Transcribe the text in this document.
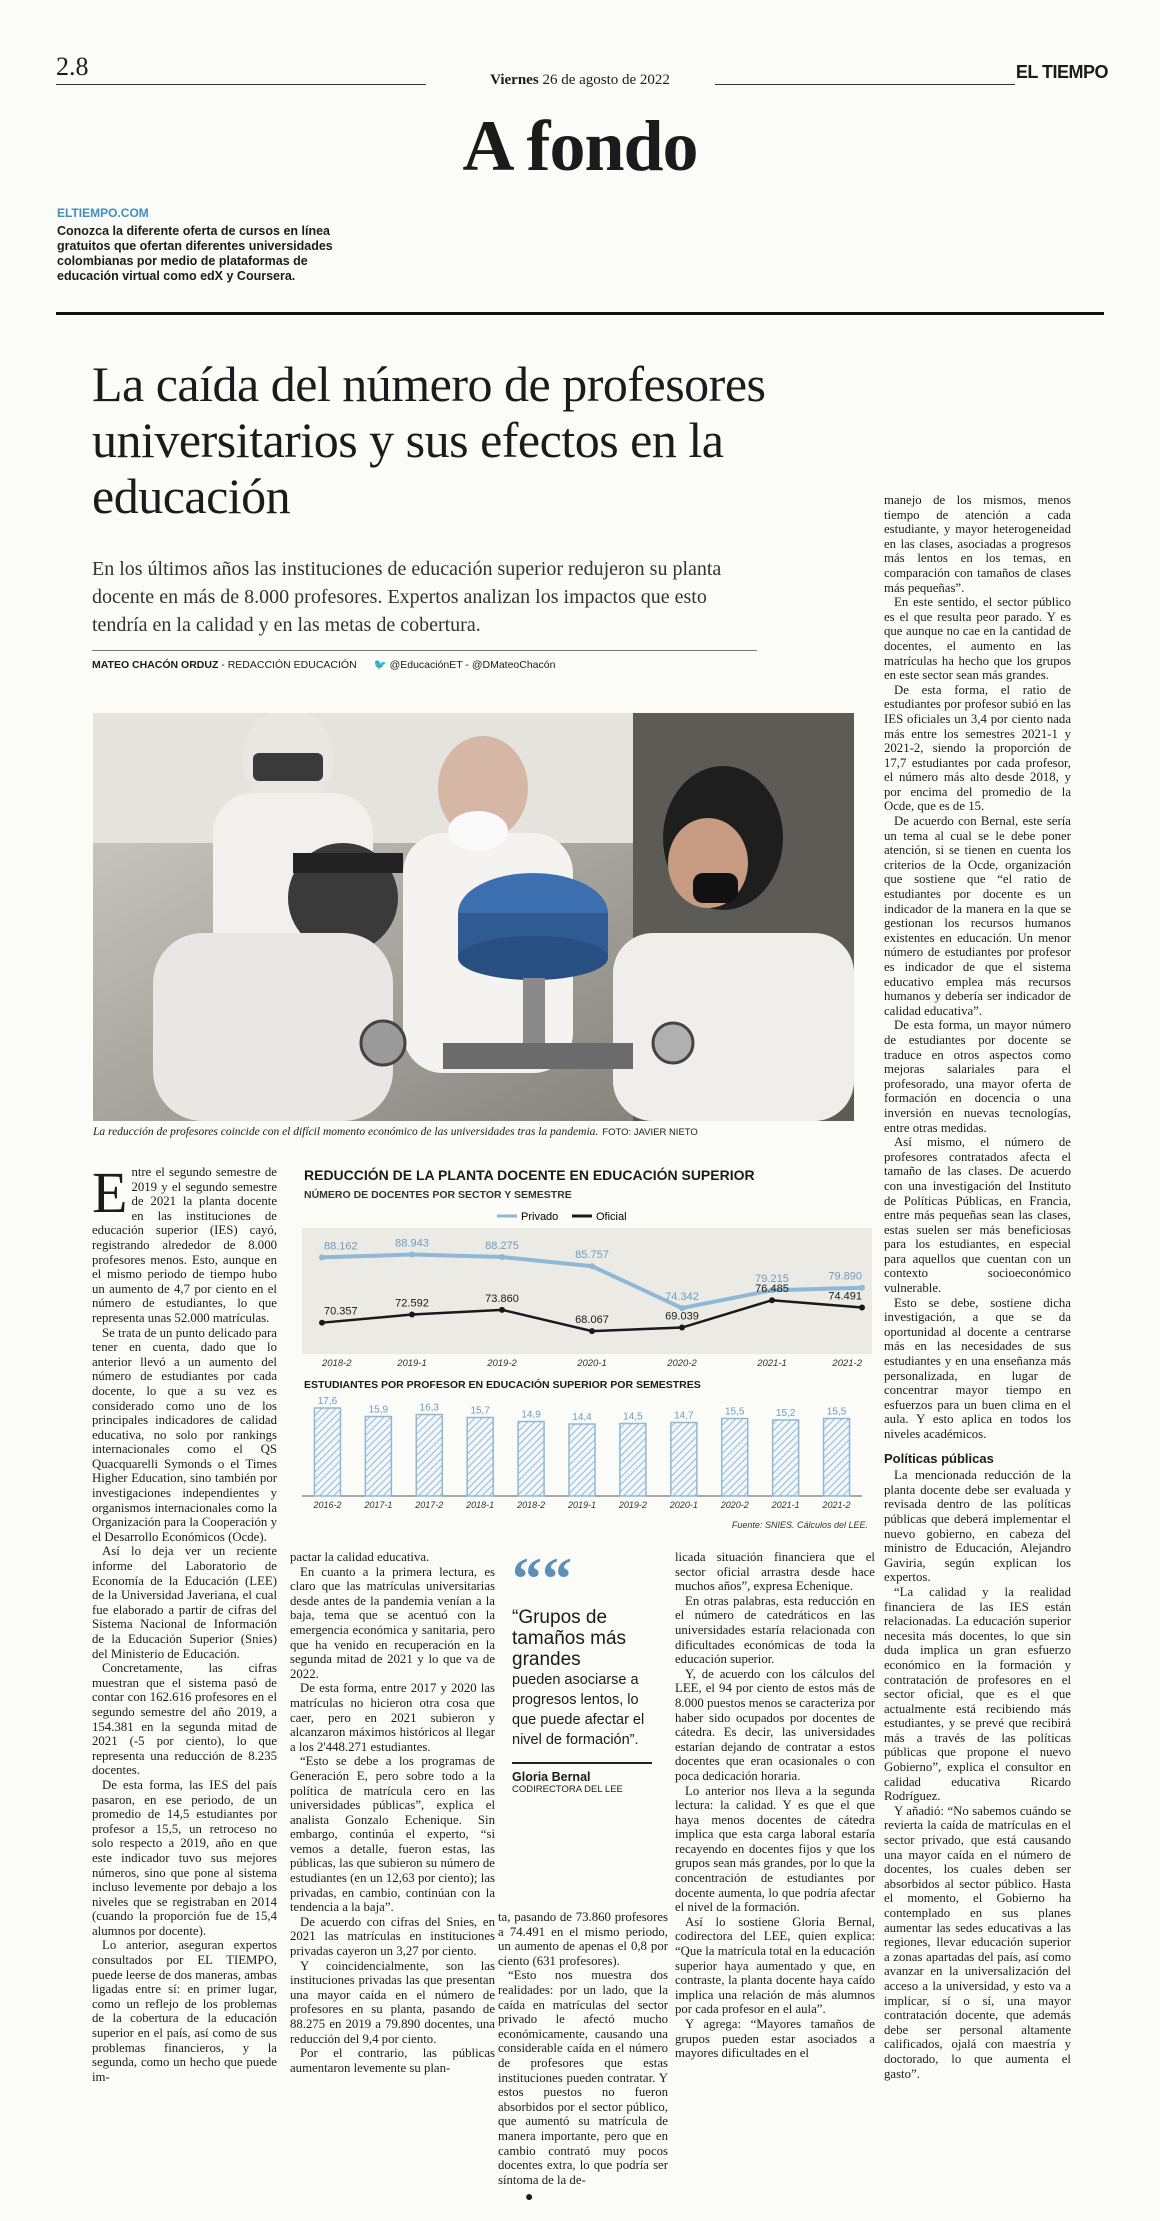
2.8	Viernes 26 de agosto de 2022	EL TIEMPO
A fondo
ELTIEMPO.COM
Conozca la diferente oferta de cursos en línea gratuitos que ofertan diferentes universidades colombianas por medio de plataformas de educación virtual como edX y Coursera.
La caída del número de profesores universitarios y sus efectos en la educación
En los últimos años las instituciones de educación superior redujeron su planta docente en más de 8.000 profesores. Expertos analizan los impactos que esto tendría en la calidad y en las metas de cobertura.
MATEO CHACÓN ORDUZ - REDACCIÓN EDUCACIÓN 🐦 @EducaciónET - @DMateoChacón
La reducción de profesores coincide con el difícil momento económico de las universidades tras la pandemia. FOTO: JAVIER NIETO
E ntre el segundo semestre de 2019 y el segundo semestre de 2021 la planta docente en las instituciones de educación superior (IES) cayó, registrando alrededor de 8.000 profesores menos. Esto, aunque en el mismo periodo de tiempo hubo un aumento de 4,7 por ciento en el número de estudiantes, lo que representa unas 52.000 matrículas.

Se trata de un punto delicado para tener en cuenta, dado que lo anterior llevó a un aumento del número de estudiantes por cada docente, lo que a su vez es considerado como uno de los principales indicadores de calidad educativa, no solo por rankings internacionales como el QS Quacquarelli Symonds o el Times Higher Education, sino también por investigaciones independientes y organismos internacionales como la Organización para la Cooperación y el Desarrollo Económicos (Ocde).

Así lo deja ver un reciente informe del Laboratorio de Economía de la Educación (LEE) de la Universidad Javeriana, el cual fue elaborado a partir de cifras del Sistema Nacional de Información de la Educación Superior (Snies) del Ministerio de Educación.

Concretamente, las cifras muestran que el sistema pasó de contar con 162.616 profesores en el segundo semestre del año 2019, a 154.381 en la segunda mitad de 2021 (-5 por ciento), lo que representa una reducción de 8.235 docentes.

De esta forma, las IES del país pasaron, en ese periodo, de un promedio de 14,5 estudiantes por profesor a 15,5, un retroceso no solo respecto a 2019, año en que este indicador tuvo sus mejores números, sino que pone al sistema incluso levemente por debajo a los niveles que se registraban en 2014 (cuando la proporción fue de 15,4 alumnos por docente).

Lo anterior, aseguran expertos consultados por EL TIEMPO, puede leerse de dos maneras, ambas ligadas entre sí: en primer lugar, como un reflejo de los problemas de la cobertura de la educación superior en el país, así como de sus problemas financieros, y la segunda, como un hecho que puede im-

pactar la calidad educativa.

En cuanto a la primera lectura, es claro que las matrículas universitarias desde antes de la pandemia venían a la baja, tema que se acentuó con la emergencia económica y sanitaria, pero que ha venido en recuperación en la segunda mitad de 2021 y lo que va de 2022.

De esta forma, entre 2017 y 2020 las matrículas no hicieron otra cosa que caer, pero en 2021 subieron y alcanzaron máximos históricos al llegar a los 2'448.271 estudiantes.

“Esto se debe a los programas de Generación E, pero sobre todo a la política de matrícula cero en las universidades públicas”, explica el analista Gonzalo Echenique. Sin embargo, continúa el experto, “si vemos a detalle, fueron estas, las públicas, las que subieron su número de estudiantes (en un 12,63 por ciento); las privadas, en cambio, continúan con la tendencia a la baja”.

De acuerdo con cifras del Snies, en 2021 las matrículas en instituciones privadas cayeron un 3,27 por ciento.

Y coincidencialmente, son las instituciones privadas las que presentan una mayor caída en el número de profesores en su planta, pasando de 88.275 en 2019 a 79.890 docentes, una reducción del 9,4 por ciento.

Por el contrario, las públicas aumentaron levemente su plan-

““
“Grupos de tamaños más grandes
pueden asociarse a progresos lentos, lo que puede afectar el nivel de formación”.
Gloria Bernal
CODIRECTORA DEL LEE

ta, pasando de 73.860 profesores a 74.491 en el mismo periodo, un aumento de apenas el 0,8 por ciento (631 profesores).

“Esto nos muestra dos realidades: por un lado, que la caída en matrículas del sector privado le afectó mucho económicamente, causando una considerable caída en el número de profesores que estas instituciones pueden contratar. Y estos puestos no fueron absorbidos por el sector público, que aumentó su matrícula de manera importante, pero que en cambio contrató muy pocos docentes extra, lo que podría ser síntoma de la de-

licada situación financiera que el sector oficial arrastra desde hace muchos años”, expresa Echenique.

En otras palabras, esta reducción en el número de catedráticos en las universidades estaría relacionada con dificultades económicas de toda la educación superior.

Y, de acuerdo con los cálculos del LEE, el 94 por ciento de estos más de 8.000 puestos menos se caracteriza por haber sido ocupados por docentes de cátedra. Es decir, las universidades estarían dejando de contratar a estos docentes que eran ocasionales o con poca dedicación horaria.

Lo anterior nos lleva a la segunda lectura: la calidad. Y es que el que haya menos docentes de cátedra implica que esta carga laboral estaría recayendo en docentes fijos y que los grupos sean más grandes, por lo que la concentración de estudiantes por docente aumenta, lo que podría afectar el nivel de la formación.

Así lo sostiene Gloria Bernal, codirectora del LEE, quien explica: “Que la matrícula total en la educación superior haya aumentado y que, en contraste, la planta docente haya caído implica una relación de más alumnos por cada profesor en el aula”.

Y agrega: “Mayores tamaños de grupos pueden estar asociados a mayores dificultades en el

manejo de los mismos, menos tiempo de atención a cada estudiante, y mayor heterogeneidad en las clases, asociadas a progresos más lentos en los temas, en comparación con tamaños de clases más pequeñas”.

En este sentido, el sector público es el que resulta peor parado. Y es que aunque no cae en la cantidad de docentes, el aumento en las matrículas ha hecho que los grupos en este sector sean más grandes.

De esta forma, el ratio de estudiantes por profesor subió en las IES oficiales un 3,4 por ciento nada más entre los semestres 2021-1 y 2021-2, siendo la proporción de 17,7 estudiantes por cada profesor, el número más alto desde 2018, y por encima del promedio de la Ocde, que es de 15.

De acuerdo con Bernal, este sería un tema al cual se le debe poner atención, si se tienen en cuenta los criterios de la Ocde, organización que sostiene que “el ratio de estudiantes por docente es un indicador de la manera en la que se gestionan los recursos humanos existentes en educación. Un menor número de estudiantes por profesor es indicador de que el sistema educativo emplea más recursos humanos y debería ser indicador de calidad educativa”.

De esta forma, un mayor número de estudiantes por docente se traduce en otros aspectos como mejoras salariales para el profesorado, una mayor oferta de formación en docencia o una inversión en nuevas tecnologías, entre otras medidas.

Así mismo, el número de profesores contratados afecta el tamaño de las clases. De acuerdo con una investigación del Instituto de Políticas Públicas, en Francia, entre más pequeñas sean las clases, estas suelen ser más beneficiosas para los estudiantes, en especial para aquellos que cuentan con un contexto socioeconómico vulnerable.

Esto se debe, sostiene dicha investigación, a que se da oportunidad al docente a centrarse más en las necesidades de sus estudiantes y en una enseñanza más personalizada, en lugar de concentrar mayor tiempo en esfuerzos para un buen clima en el aula. Y esto aplica en todos los niveles académicos.

Políticas públicas

La mencionada reducción de la planta docente debe ser evaluada y revisada dentro de las políticas públicas que deberá implementar el nuevo gobierno, en cabeza del ministro de Educación, Alejandro Gaviria, según explican los expertos.

“La calidad y la realidad financiera de las IES están relacionadas. La educación superior necesita más docentes, lo que sin duda implica un gran esfuerzo económico en la formación y contratación de profesores en el sector oficial, que es el que actualmente está recibiendo más estudiantes, y se prevé que recibirá más a través de las políticas públicas que propone el nuevo Gobierno”, explica el consultor en calidad educativa Ricardo Rodríguez.

Y añadió: “No sabemos cuándo se revierta la caída de matrículas en el sector privado, que está causando una mayor caída en el número de docentes, los cuales deben ser absorbidos al sector público. Hasta el momento, el Gobierno ha contemplado en sus planes aumentar las sedes educativas a las regiones, llevar educación superior a zonas apartadas del país, así como avanzar en la universalización del acceso a la universidad, y esto va a implicar, sí o sí, una mayor contratación docente, que además debe ser personal altamente calificados, ojalá con maestría y doctorado, lo que aumenta el gasto”.

REDUCCIÓN DE LA PLANTA DOCENTE EN EDUCACIÓN SUPERIOR
NÚMERO DE DOCENTES POR SECTOR Y SEMESTRE
Privado	Oficial
88.162	88.943	88.275
85.757
74.342
79.215	79.890
70.357
72.592	73.860
68.067	69.039
76.485
74.491
2018-2	2019-1	2019-2	2020-1	2020-2	2021-1	2021-2
ESTUDIANTES POR PROFESOR EN EDUCACIÓN SUPERIOR POR SEMESTRES
17,6
2016-2
15,9
2017-1
16,3
2017-2
15,7
2018-1
14,9
2018-2
14,4
2019-1
14,5
2019-2
14,7
2020-1
15,5
2020-2
15,2
2021-1
15,5
2021-2
Fuente: SNIES. Cálculos del LEE.
●
